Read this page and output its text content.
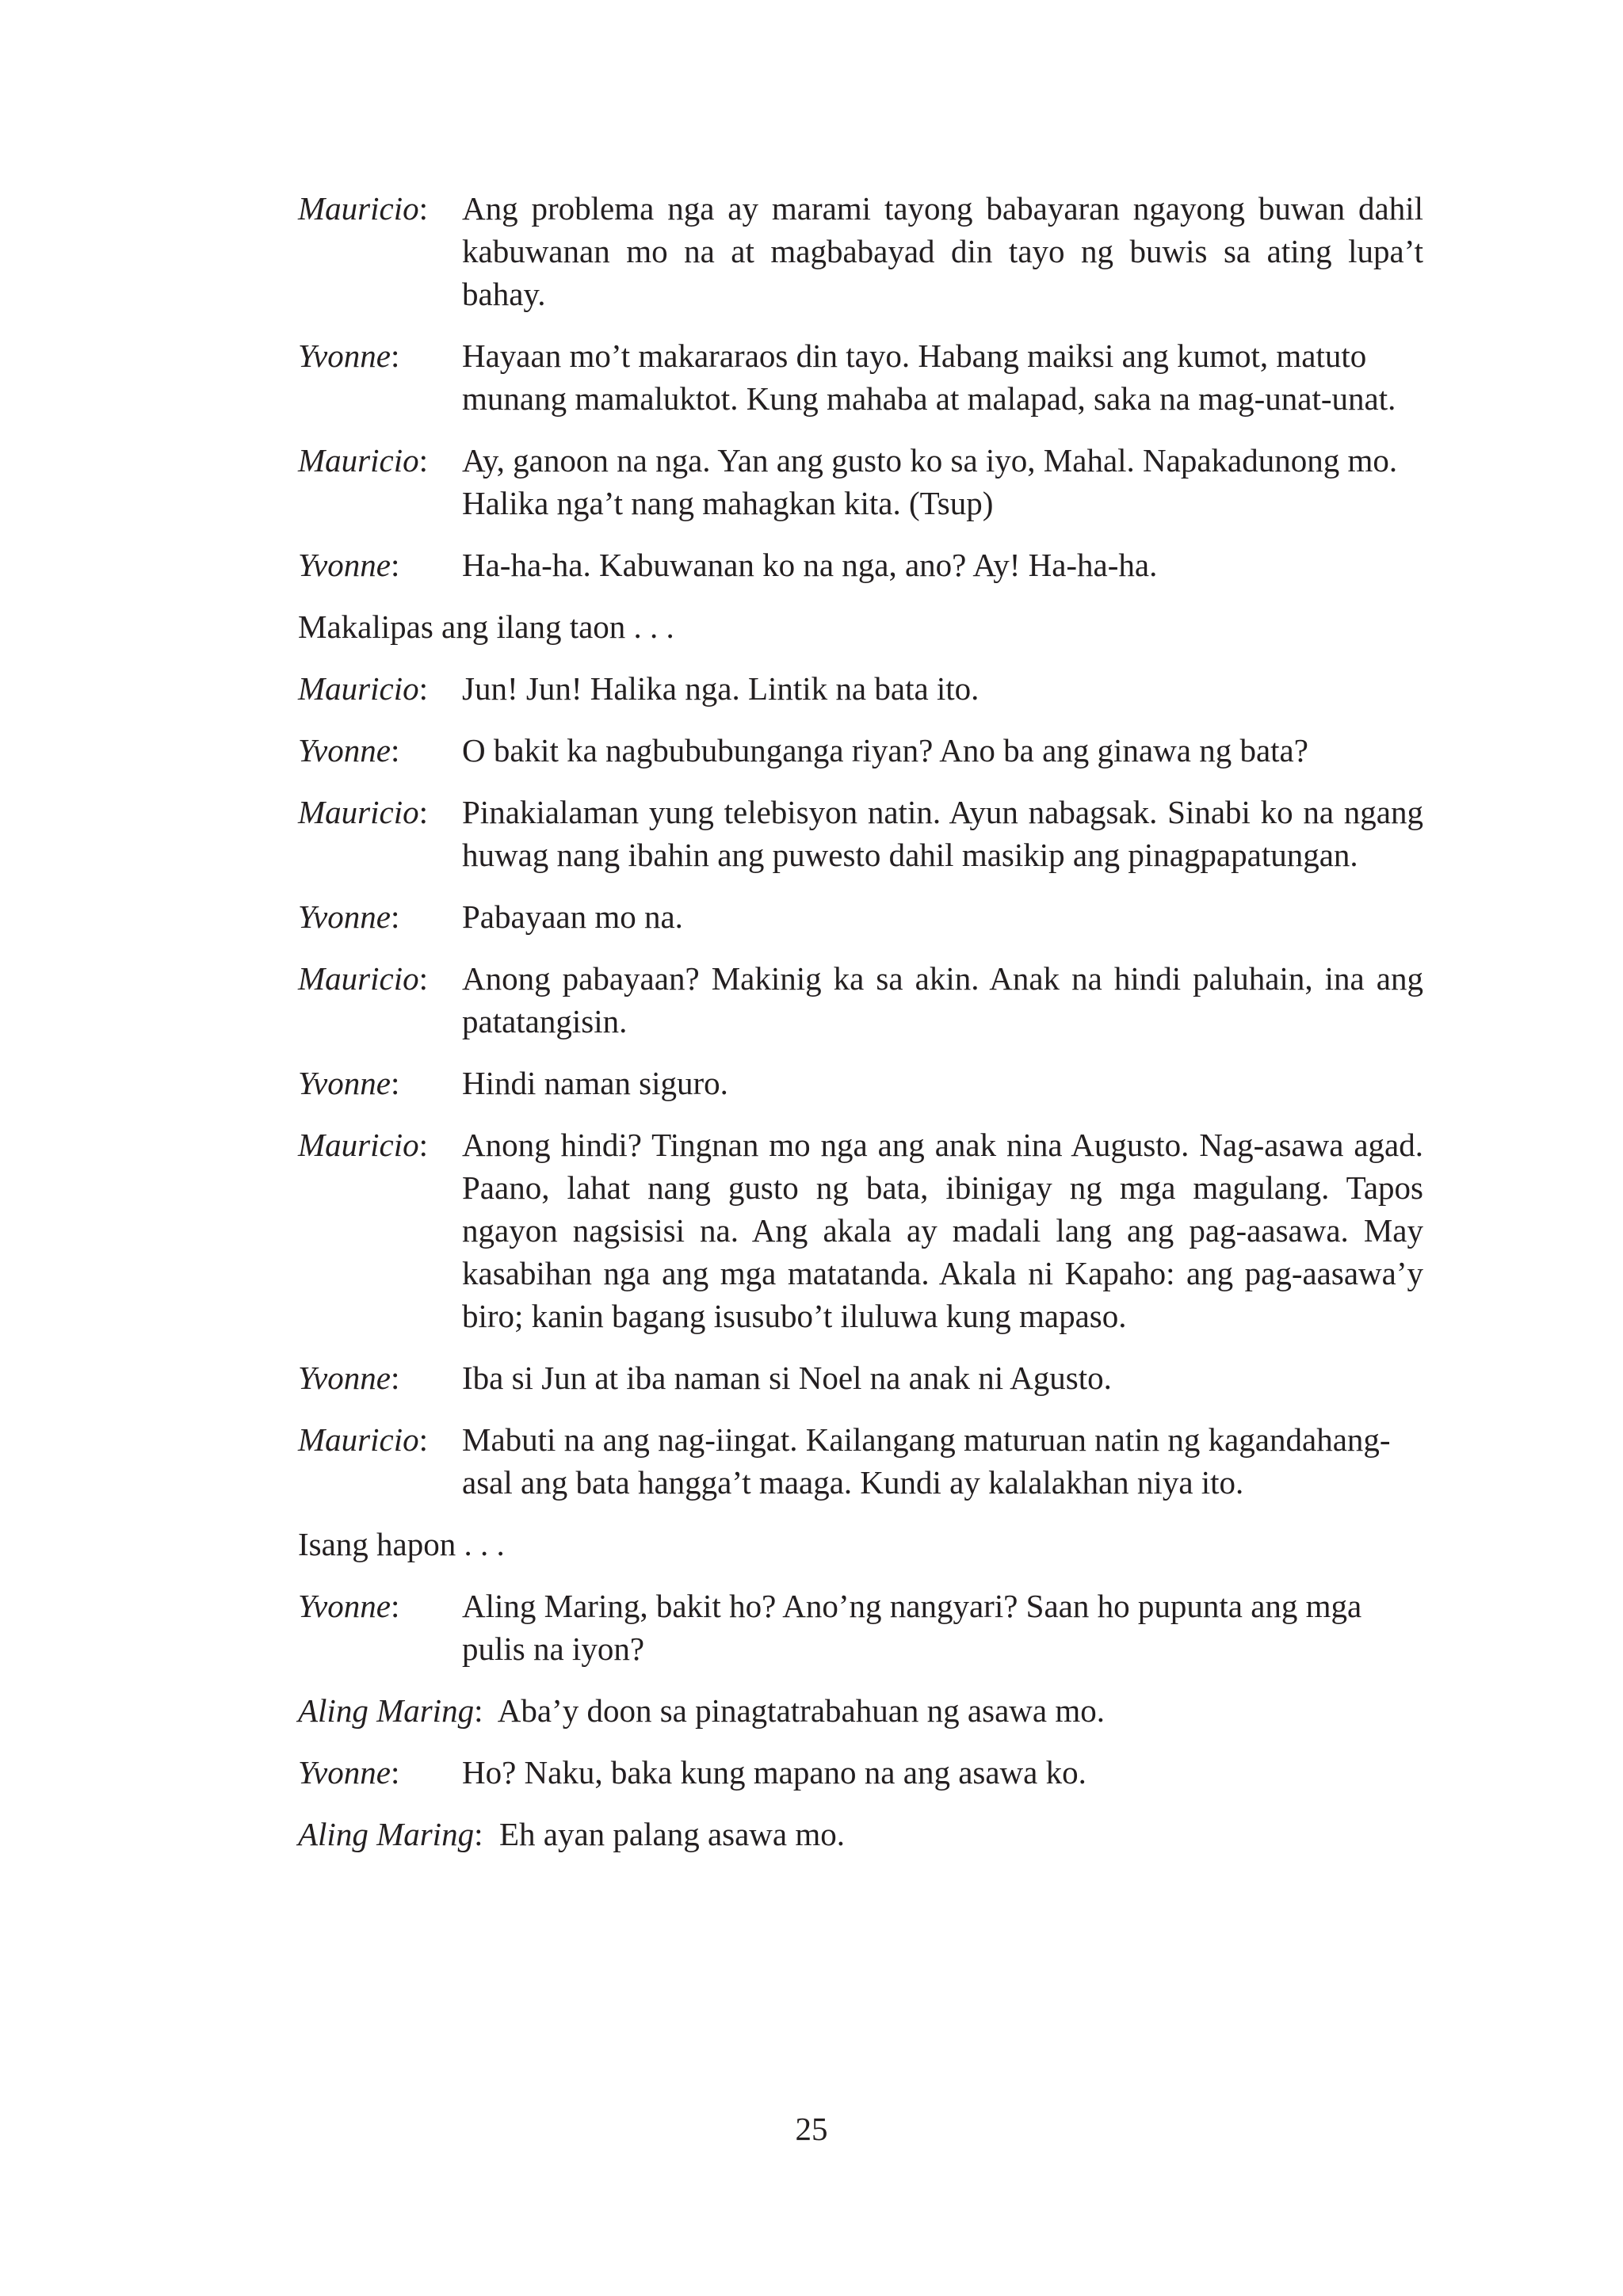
Mauricio:	Ang problema nga ay marami tayong babayaran ngayong buwan dahil kabuwanan mo na at magbabayad din tayo ng buwis sa ating lupa’t bahay.
Yvonne:	Hayaan mo’t makararaos din tayo. Habang maiksi ang kumot, matuto munang mamaluktot. Kung mahaba at malapad, saka na mag-unat-unat.
Mauricio:	Ay, ganoon na nga. Yan ang gusto ko sa iyo, Mahal. Napakadunong mo. Halika nga’t nang mahagkan kita. (Tsup)
Yvonne:	Ha-ha-ha. Kabuwanan ko na nga, ano? Ay! Ha-ha-ha.
Makalipas ang ilang taon . . .
Mauricio:	Jun! Jun! Halika nga. Lintik na bata ito.
Yvonne:	O bakit ka nagbububunganga riyan? Ano ba ang ginawa ng bata?
Mauricio:	Pinakialaman yung telebisyon natin. Ayun nabagsak. Sinabi ko na ngang huwag nang ibahin ang puwesto dahil masikip ang pinagpapatungan.
Yvonne:	Pabayaan mo na.
Mauricio:	Anong pabayaan? Makinig ka sa akin. Anak na hindi paluhain, ina ang patatangisin.
Yvonne:	Hindi naman siguro.
Mauricio:	Anong hindi? Tingnan mo nga ang anak nina Augusto. Nag-asawa agad. Paano, lahat nang gusto ng bata, ibinigay ng mga magulang. Tapos ngayon nagsisisi na. Ang akala ay madali lang ang pag-aasawa. May kasabihan nga ang mga matatanda. Akala ni Kapaho: ang pag-aasawa’y biro; kanin bagang isusubo’t iluluwa kung mapaso.
Yvonne:	Iba si Jun at iba naman si Noel na anak ni Agusto.
Mauricio:	Mabuti na ang nag-iingat. Kailangang maturuan natin ng kagandahang-asal ang bata hangga’t maaga. Kundi ay kalalakhan niya ito.
Isang hapon . . .
Yvonne:	Aling Maring, bakit ho? Ano’ng nangyari? Saan ho pupunta ang mga pulis na iyon?
Aling Maring: Aba’y doon sa pinagtatrabahuan ng asawa mo.
Yvonne:	Ho? Naku, baka kung mapano na ang asawa ko.
Aling Maring: Eh ayan palang asawa mo.
25
